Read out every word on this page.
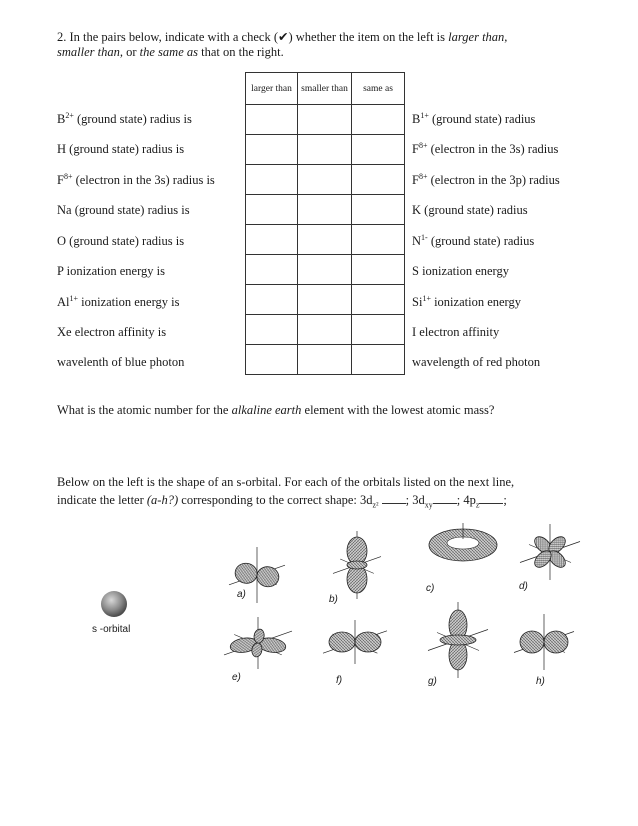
2. In the pairs below, indicate with a check (✔) whether the item on the left is larger than,
smaller than, or the same as that on the right.
larger than	smaller than	same as

$B^{2+}$ (ground state) radius is	$B^{1+}$ (ground state) radius
H (ground state) radius is	$F^{8+}$ (electron in the 3s) radius
$F^{8+}$ (electron in the 3s) radius is	$F^{8+}$ (electron in the 3p) radius
Na (ground state) radius is	K (ground state) radius
O (ground state) radius is	$N^{1-}$ (ground state) radius
P ionization energy is	S ionization energy
$Al^{1+}$ ionization energy is	$Si^{1+}$ ionization energy
Xe electron affinity is	I electron affinity
wavelenth of blue photon	wavelength of red photon
What is the atomic number for the alkaline earth element with the lowest atomic mass?
Below on the left is the shape of an s-orbital. For each of the orbitals listed on the next line,
indicate the letter (a-h?) corresponding to the correct shape: $3d_{z^2}$ ; $3d_{xy}$ ; $4p_z$ ;
s -orbital
a)	b)
c)	d)
e)	f)	g)	h)
